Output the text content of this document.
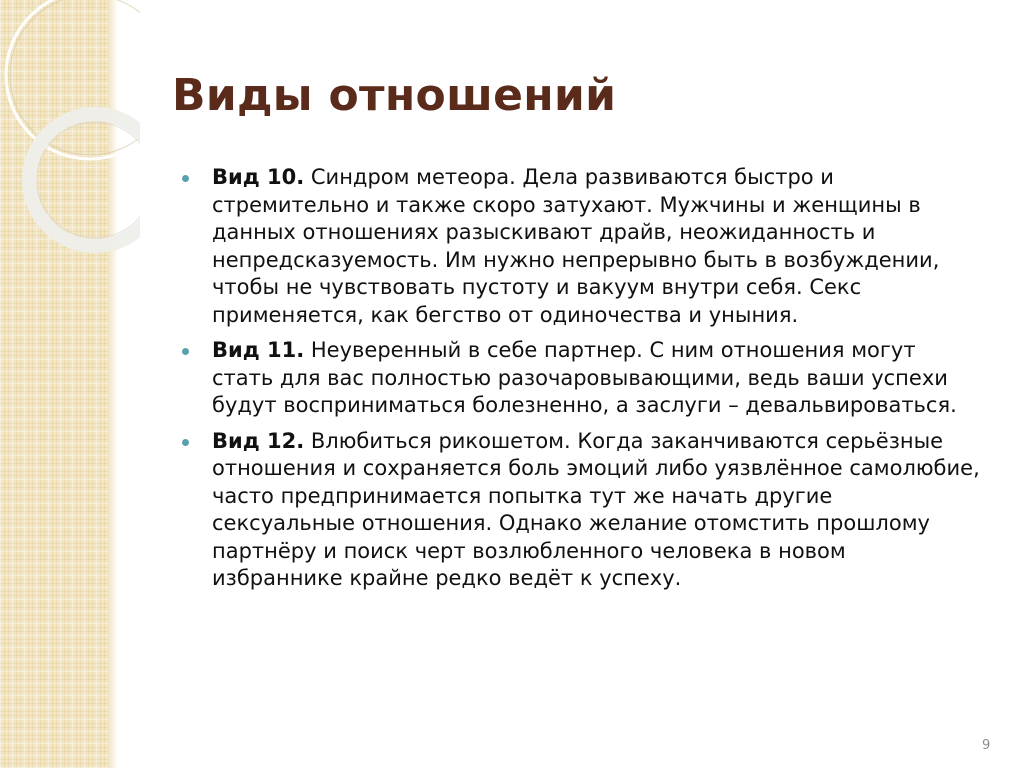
Виды отношений
Вид 10. Синдром метеора. Дела развиваются быстро и стремительно и также скоро затухают. Мужчины и женщины в данных отношениях разыскивают драйв, неожиданность и непредсказуемость. Им нужно непрерывно быть в возбуждении, чтобы не чувствовать пустоту и вакуум внутри себя. Секс применяется, как бегство от одиночества и уныния.
Вид 11. Неуверенный в себе партнер. С ним отношения могут стать для вас полностью разочаровывающими, ведь ваши успехи будут восприниматься болезненно, а заслуги – девальвироваться.
Вид 12. Влюбиться рикошетом. Когда заканчиваются серьёзные отношения и сохраняется боль эмоций либо уязвлённое самолюбие, часто предпринимается попытка тут же начать другие сексуальные отношения. Однако желание отомстить прошлому партнёру и поиск черт возлюбленного человека в новом избраннике крайне редко ведёт к успеху.
9
